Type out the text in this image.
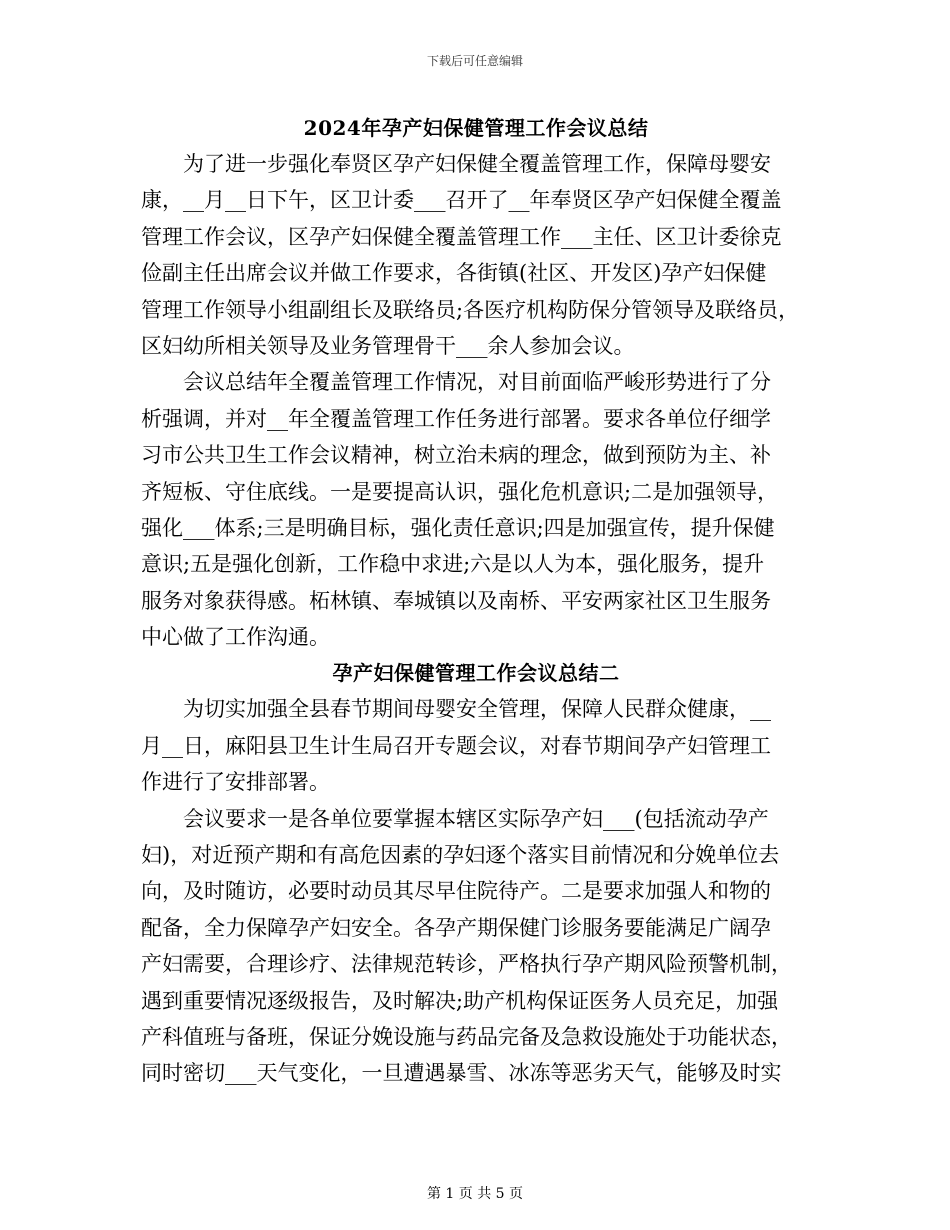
下载后可任意编辑
2024年孕产妇保健管理工作会议总结
为了进一步强化奉贤区孕产妇保健全覆盖管理工作，保障母婴安
康，__月__日下午，区卫计委___召开了__年奉贤区孕产妇保健全覆盖
管理工作会议，区孕产妇保健全覆盖管理工作___主任、区卫计委徐克
俭副主任出席会议并做工作要求，各街镇(社区、开发区)孕产妇保健
管理工作领导小组副组长及联络员;各医疗机构防保分管领导及联络员，
区妇幼所相关领导及业务管理骨干___余人参加会议。
会议总结年全覆盖管理工作情况，对目前面临严峻形势进行了分
析强调，并对__年全覆盖管理工作任务进行部署。要求各单位仔细学
习市公共卫生工作会议精神，树立治未病的理念，做到预防为主、补
齐短板、守住底线。一是要提高认识，强化危机意识;二是加强领导，
强化___体系;三是明确目标，强化责任意识;四是加强宣传，提升保健
意识;五是强化创新，工作稳中求进;六是以人为本，强化服务，提升
服务对象获得感。柘林镇、奉城镇以及南桥、平安两家社区卫生服务
中心做了工作沟通。
孕产妇保健管理工作会议总结二
为切实加强全县春节期间母婴安全管理，保障人民群众健康，__
月__日，麻阳县卫生计生局召开专题会议，对春节期间孕产妇管理工
作进行了安排部署。
会议要求一是各单位要掌握本辖区实际孕产妇___(包括流动孕产
妇)，对近预产期和有高危因素的孕妇逐个落实目前情况和分娩单位去
向，及时随访，必要时动员其尽早住院待产。二是要求加强人和物的
配备，全力保障孕产妇安全。各孕产期保健门诊服务要能满足广阔孕
产妇需要，合理诊疗、法律规范转诊，严格执行孕产期风险预警机制，
遇到重要情况逐级报告，及时解决;助产机构保证医务人员充足，加强
产科值班与备班，保证分娩设施与药品完备及急救设施处于功能状态，
同时密切___天气变化，一旦遭遇暴雪、冰冻等恶劣天气，能够及时实
第 1 页 共 5 页
